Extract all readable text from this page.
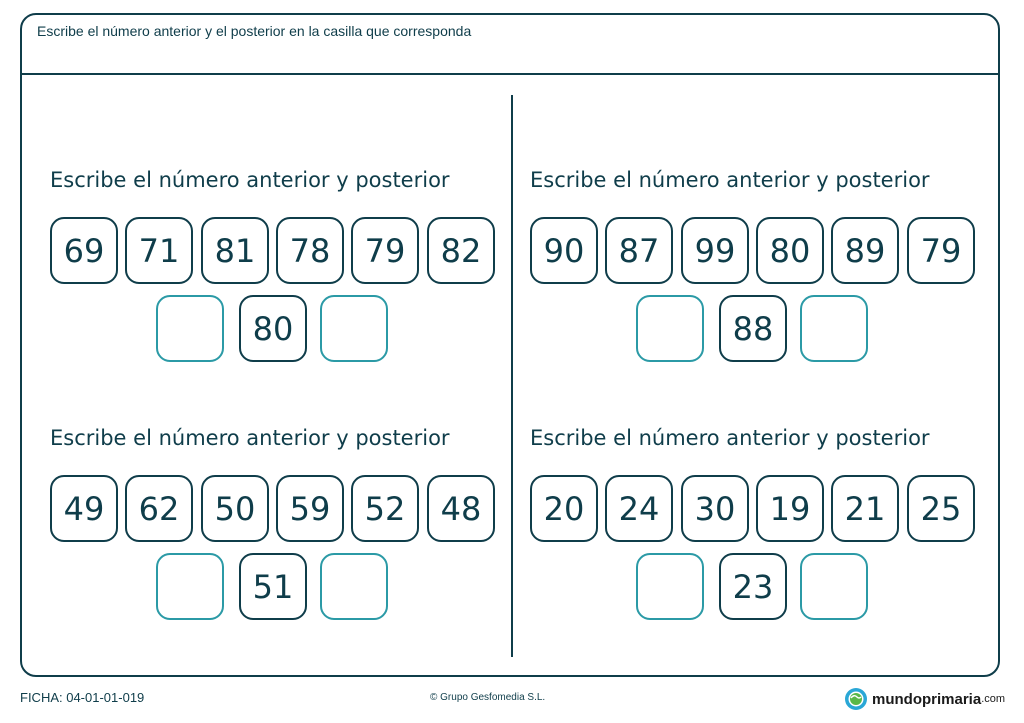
Escribe el número anterior y el posterior en la casilla que corresponda
Escribe el número anterior y posterior
69	71	81	78	79	82
80
Escribe el número anterior y posterior
90	87	99	80	89	79
88
Escribe el número anterior y posterior
49	62	50	59	52	48
51
Escribe el número anterior y posterior
20	24	30	19	21	25
23
FICHA: 04-01-01-019	© Grupo Gesfomedia S.L.	mundoprimaria .com
